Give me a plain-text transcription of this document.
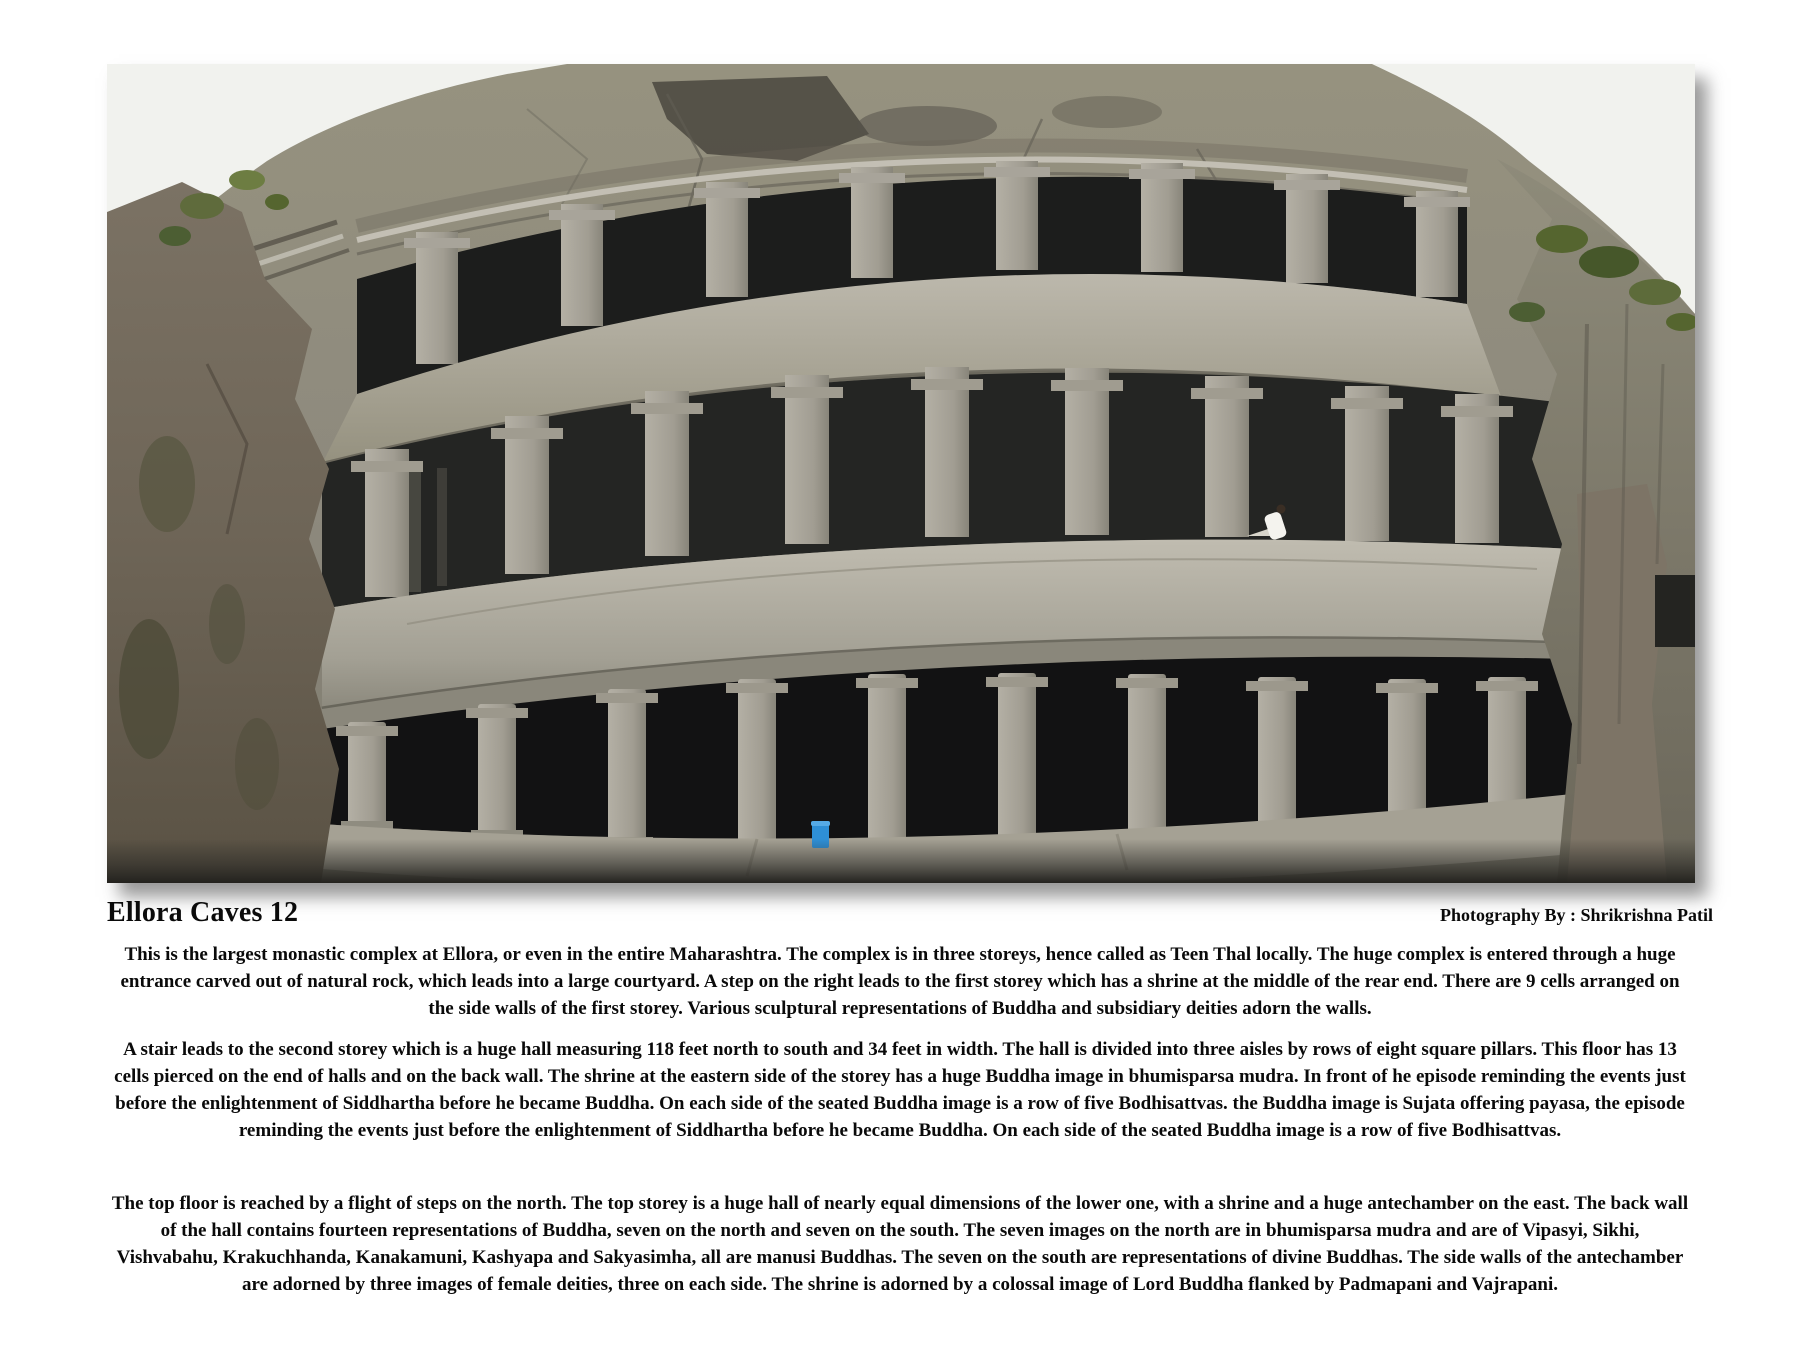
Ellora Caves 12	Photography By : Shrikrishna Patil

This is the largest monastic complex at Ellora, or even in the entire Maharashtra. The complex is in three storeys, hence called as Teen Thal locally. The huge complex is entered through a huge entrance carved out of natural rock, which leads into a large courtyard. A step on the right leads to the first storey which has a shrine at the middle of the rear end. There are 9 cells arranged on the side walls of the first storey. Various sculptural representations of Buddha and subsidiary deities adorn the walls.

A stair leads to the second storey which is a huge hall measuring 118 feet north to south and 34 feet in width. The hall is divided into three aisles by rows of eight square pillars. This floor has 13 cells pierced on the end of halls and on the back wall. The shrine at the eastern side of the storey has a huge Buddha image in bhumisparsa mudra. In front of he episode reminding the events just before the enlightenment of Siddhartha before he became Buddha. On each side of the seated Buddha image is a row of five Bodhisattvas. the Buddha image is Sujata offering payasa, the episode reminding the events just before the enlightenment of Siddhartha before he became Buddha. On each side of the seated Buddha image is a row of five Bodhisattvas.

The top floor is reached by a flight of steps on the north. The top storey is a huge hall of nearly equal dimensions of the lower one, with a shrine and a huge antechamber on the east. The back wall of the hall contains fourteen representations of Buddha, seven on the north and seven on the south. The seven images on the north are in bhumisparsa mudra and are of Vipasyi, Sikhi, Vishvabahu, Krakuchhanda, Kanakamuni, Kashyapa and Sakyasimha, all are manusi Buddhas. The seven on the south are representations of divine Buddhas. The side walls of the antechamber are adorned by three images of female deities, three on each side. The shrine is adorned by a colossal image of Lord Buddha flanked by Padmapani and Vajrapani.
